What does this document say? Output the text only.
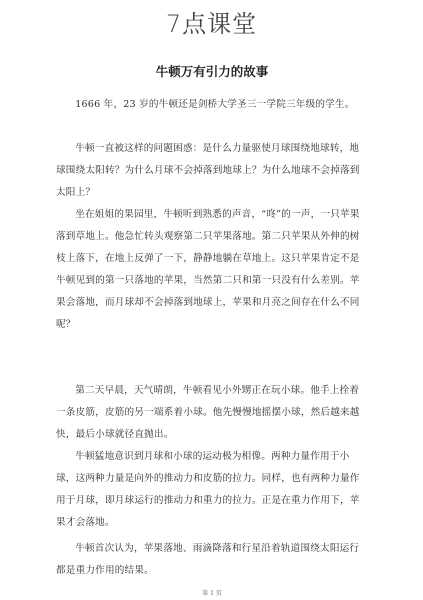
7点课堂
牛顿万有引力的故事

1666 年，23 岁的牛顿还是剑桥大学圣三一学院三年级的学生。

牛顿一直被这样的问题困惑：是什么力量驱使月球围绕地球转，地球围绕太阳转？为什么月球不会掉落到地球上？为什么地球不会掉落到太阳上？

坐在姐姐的果园里，牛顿听到熟悉的声音，“咚”的一声，一只苹果落到草地上。他急忙转头观察第二只苹果落地。第二只苹果从外伸的树枝上落下，在地上反弹了一下，静静地躺在草地上。这只苹果肯定不是牛顿见到的第一只落地的苹果，当然第二只和第一只没有什么差别。苹果会落地，而月球却不会掉落到地球上，苹果和月亮之间存在什么不同呢？

第二天早晨，天气晴朗，牛顿看见小外甥正在玩小球。他手上拴着一条皮筋，皮筋的另一端系着小球。他先慢慢地摇摆小球，然后越来越快，最后小球就径直抛出。

牛顿猛地意识到月球和小球的运动极为相像。两种力量作用于小球，这两种力量是向外的推动力和皮筋的拉力。同样，也有两种力量作用于月球，即月球运行的推动力和重力的拉力。正是在重力作用下，苹果才会落地。

牛顿首次认为，苹果落地、雨滴降落和行星沿着轨道围绕太阳运行都是重力作用的结果。

第 1 页
